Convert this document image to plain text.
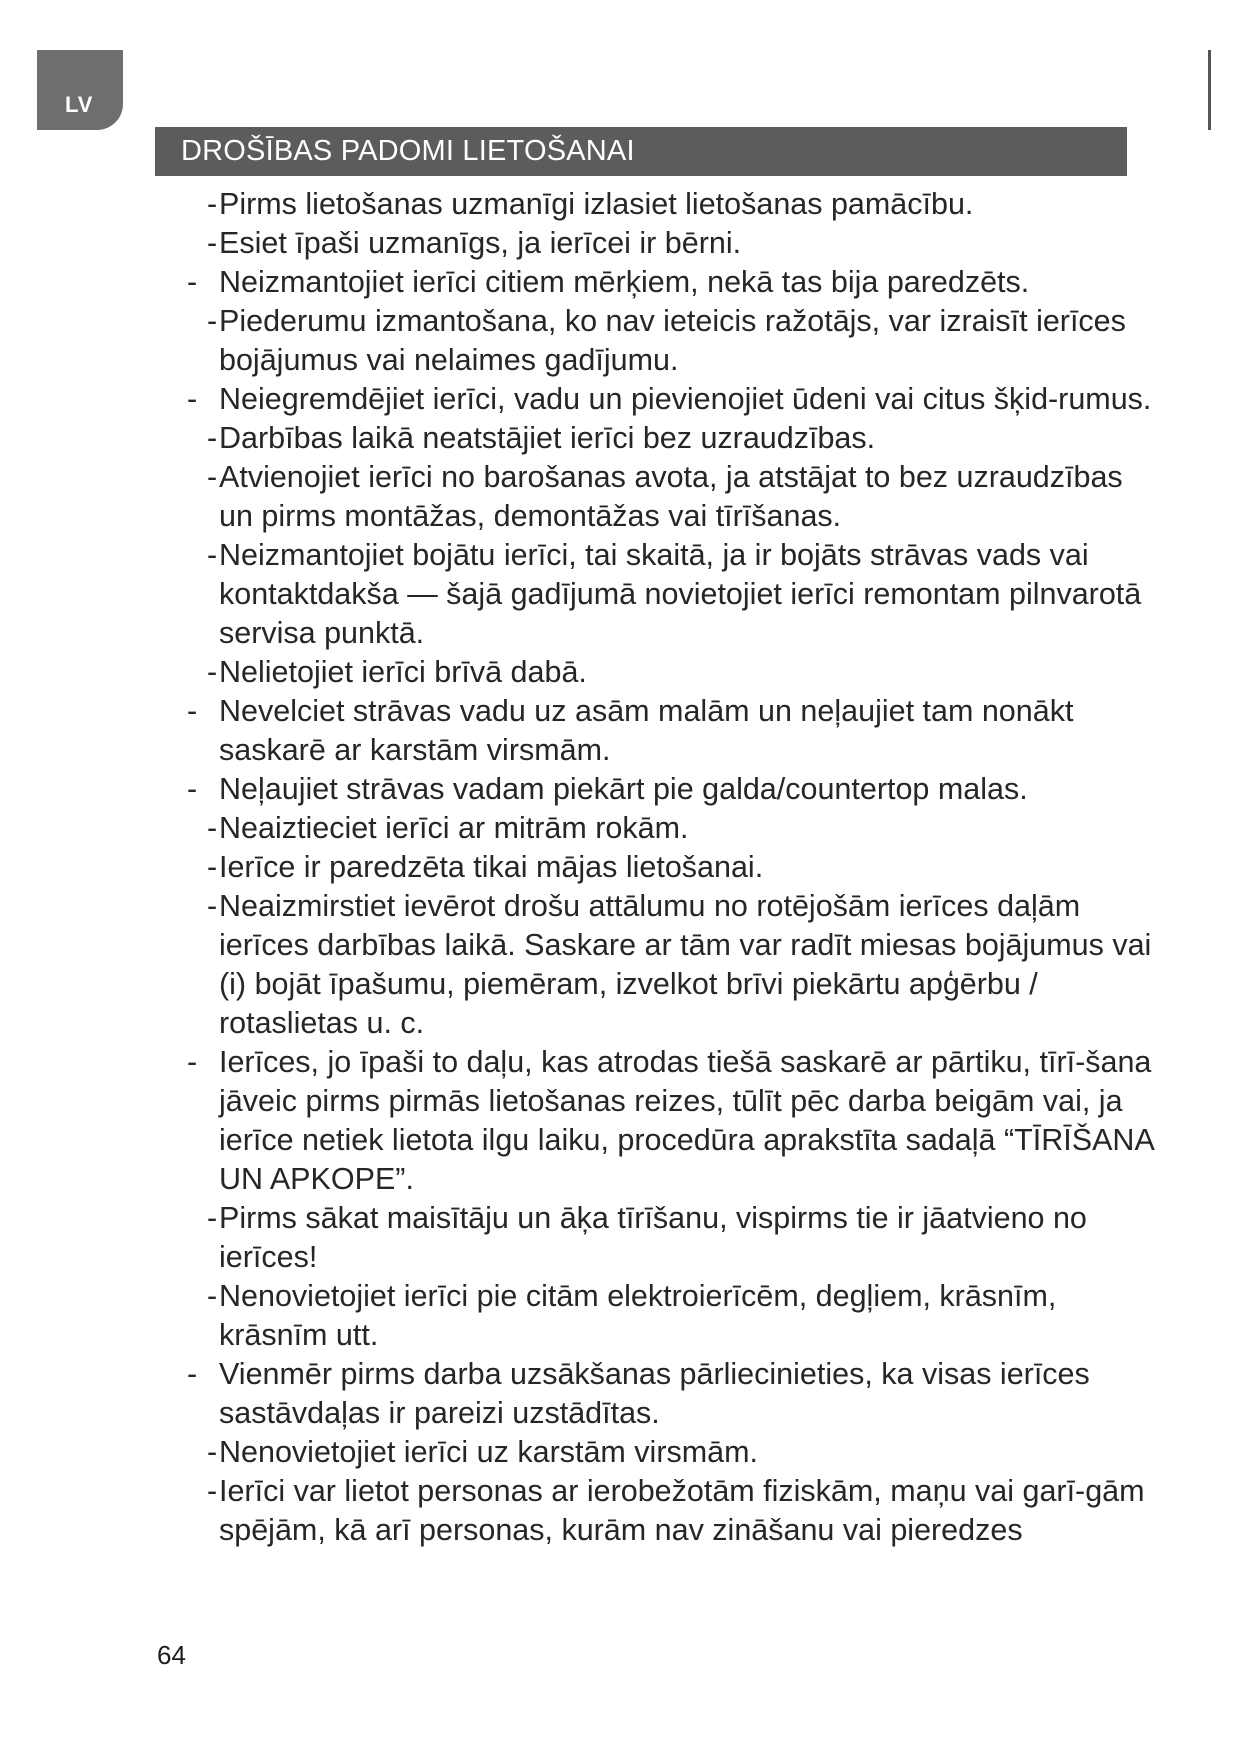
LV
DROŠĪBAS PADOMI LIETOŠANAI
- Pirms lietošanas uzmanīgi izlasiet lietošanas pamācību.
- Esiet īpaši uzmanīgs, ja ierīcei ir bērni.
- Neizmantojiet ierīci citiem mērķiem, nekā tas bija paredzēts.
- Piederumu izmantošana, ko nav ieteicis ražotājs, var izraisīt ierīces bojājumus vai nelaimes gadījumu.
- Neiegremdējiet ierīci, vadu un pievienojiet ūdeni vai citus šķid-rumus.
- Darbības laikā neatstājiet ierīci bez uzraudzības.
- Atvienojiet ierīci no barošanas avota, ja atstājat to bez uzraudzības un pirms montāžas, demontāžas vai tīrīšanas.
- Neizmantojiet bojātu ierīci, tai skaitā, ja ir bojāts strāvas vads vai kontaktdakša — šajā gadījumā novietojiet ierīci remontam pilnvarotā servisa punktā.
- Nelietojiet ierīci brīvā dabā.
- Nevelciet strāvas vadu uz asām malām un neļaujiet tam nonākt saskarē ar karstām virsmām.
- Neļaujiet strāvas vadam piekārt pie galda/countertop malas.
- Neaiztieciet ierīci ar mitrām rokām.
- Ierīce ir paredzēta tikai mājas lietošanai.
- Neaizmirstiet ievērot drošu attālumu no rotējošām ierīces daļām ierīces darbības laikā. Saskare ar tām var radīt miesas bojājumus vai (i) bojāt īpašumu, piemēram, izvelkot brīvi piekārtu apģērbu / rotaslietas u. c.
- Ierīces, jo īpaši to daļu, kas atrodas tiešā saskarē ar pārtiku, tīrī-šana jāveic pirms pirmās lietošanas reizes, tūlīt pēc darba beigām vai, ja ierīce netiek lietota ilgu laiku, procedūra aprakstīta sadaļā “TĪRĪŠANA UN APKOPE”.
- Pirms sākat maisītāju un āķa tīrīšanu, vispirms tie ir jāatvieno no ierīces!
- Nenovietojiet ierīci pie citām elektroierīcēm, degļiem, krāsnīm, krāsnīm utt.
- Vienmēr pirms darba uzsākšanas pārliecinieties, ka visas ierīces sastāvdaļas ir pareizi uzstādītas.
- Nenovietojiet ierīci uz karstām virsmām.
- Ierīci var lietot personas ar ierobežotām fiziskām, maņu vai garī-gām spējām, kā arī personas, kurām nav zināšanu vai pieredzes
64
